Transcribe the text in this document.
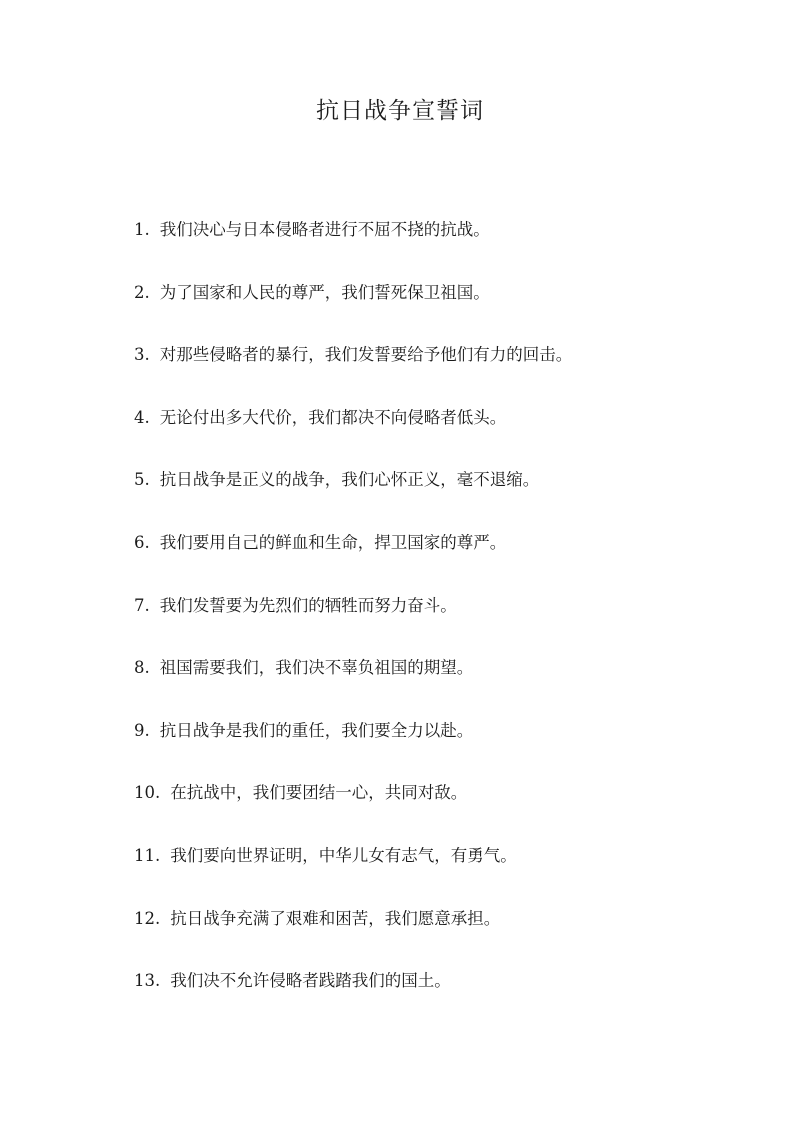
抗日战争宣誓词
1. 我们决心与日本侵略者进行不屈不挠的抗战。
2. 为了国家和人民的尊严，我们誓死保卫祖国。
3. 对那些侵略者的暴行，我们发誓要给予他们有力的回击。
4. 无论付出多大代价，我们都决不向侵略者低头。
5. 抗日战争是正义的战争，我们心怀正义，毫不退缩。
6. 我们要用自己的鲜血和生命，捍卫国家的尊严。
7. 我们发誓要为先烈们的牺牲而努力奋斗。
8. 祖国需要我们，我们决不辜负祖国的期望。
9. 抗日战争是我们的重任，我们要全力以赴。
10. 在抗战中，我们要团结一心，共同对敌。
11. 我们要向世界证明，中华儿女有志气，有勇气。
12. 抗日战争充满了艰难和困苦，我们愿意承担。
13. 我们决不允许侵略者践踏我们的国土。
